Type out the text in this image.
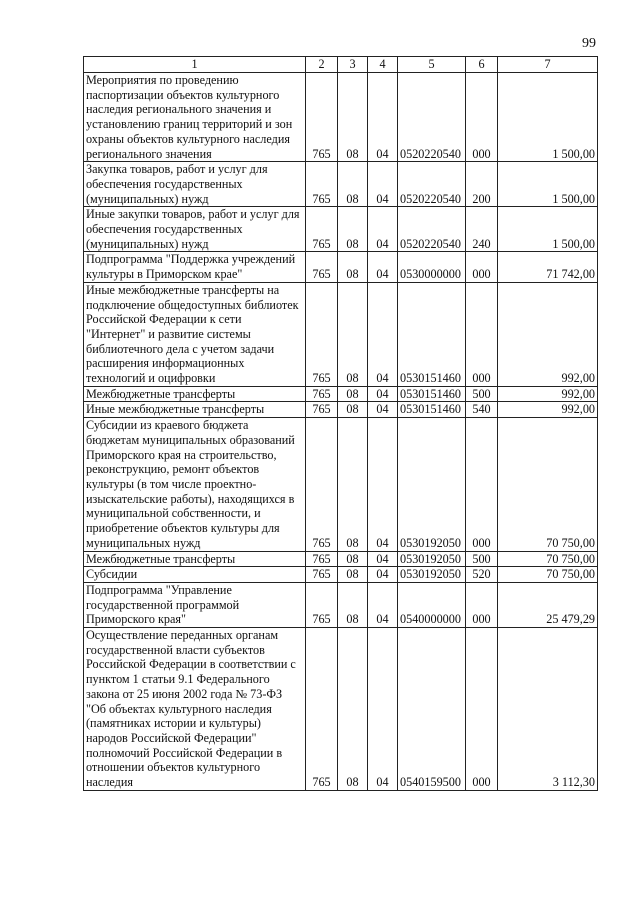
99
1	2	3	4	5	6	7
Мероприятия по проведению паспортизации объектов культурного наследия регионального значения и установлению границ территорий и зон охраны объектов культурного наследия регионального значения	765	08	04	0520220540	000	1 500,00
Закупка товаров, работ и услуг для обеспечения государственных (муниципальных) нужд	765	08	04	0520220540	200	1 500,00
Иные закупки товаров, работ и услуг для обеспечения государственных (муниципальных) нужд	765	08	04	0520220540	240	1 500,00
Подпрограмма "Поддержка учреждений культуры в Приморском крае"	765	08	04	0530000000	000	71 742,00
Иные межбюджетные трансферты на подключение общедоступных библиотек Российской Федерации к сети "Интернет" и развитие системы библиотечного дела с учетом задачи расширения информационных технологий и оцифровки	765	08	04	0530151460	000	992,00
Межбюджетные трансферты	765	08	04	0530151460	500	992,00
Иные межбюджетные трансферты	765	08	04	0530151460	540	992,00
Субсидии из краевого бюджета бюджетам муниципальных образований Приморского края на строительство, реконструкцию, ремонт объектов культуры (в том числе проектно-изыскательские работы), находящихся в муниципальной собственности, и приобретение объектов культуры для муниципальных нужд	765	08	04	0530192050	000	70 750,00
Межбюджетные трансферты	765	08	04	0530192050	500	70 750,00
Субсидии	765	08	04	0530192050	520	70 750,00
Подпрограмма "Управление государственной программой Приморского края"	765	08	04	0540000000	000	25 479,29
Осуществление переданных органам государственной власти субъектов Российской Федерации в соответствии с пунктом 1 статьи 9.1 Федерального закона от 25 июня 2002 года № 73-ФЗ "Об объектах культурного наследия (памятниках истории и культуры) народов Российской Федерации" полномочий Российской Федерации в отношении объектов культурного наследия	765	08	04	0540159500	000	3 112,30
